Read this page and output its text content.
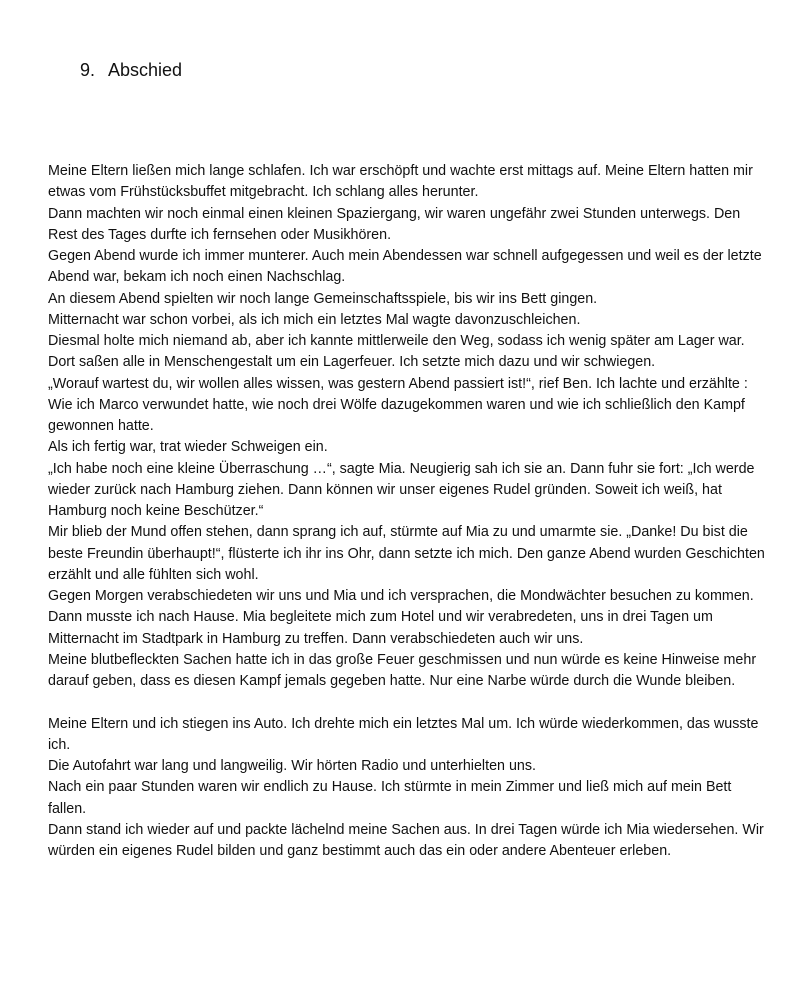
9. Abschied

Meine Eltern ließen mich lange schlafen. Ich war erschöpft und wachte erst mittags auf. Meine Eltern hatten mir etwas vom Frühstücksbuffet mitgebracht. Ich schlang alles herunter.

Dann machten wir noch einmal einen kleinen Spaziergang, wir waren ungefähr zwei Stunden unterwegs. Den Rest des Tages durfte ich fernsehen oder Musikhören.

Gegen Abend wurde ich immer munterer. Auch mein Abendessen war schnell aufgegessen und weil es der letzte Abend war, bekam ich noch einen Nachschlag.

An diesem Abend spielten wir noch lange Gemeinschaftsspiele, bis wir ins Bett gingen.

Mitternacht war schon vorbei, als ich mich ein letztes Mal wagte davonzuschleichen.

Diesmal holte mich niemand ab, aber ich kannte mittlerweile den Weg, sodass ich wenig später am Lager war.

Dort saßen alle in Menschengestalt um ein Lagerfeuer. Ich setzte mich dazu und wir schwiegen.

„Worauf wartest du, wir wollen alles wissen, was gestern Abend passiert ist!“, rief Ben. Ich lachte und erzählte : Wie ich Marco verwundet hatte, wie noch drei Wölfe dazugekommen waren und wie ich schließlich den Kampf gewonnen hatte.

Als ich fertig war, trat wieder Schweigen ein.

„Ich habe noch eine kleine Überraschung …“, sagte Mia. Neugierig sah ich sie an. Dann fuhr sie fort: „Ich werde wieder zurück nach Hamburg ziehen. Dann können wir unser eigenes Rudel gründen. Soweit ich weiß, hat Hamburg noch keine Beschützer.“

Mir blieb der Mund offen stehen, dann sprang ich auf, stürmte auf Mia zu und umarmte sie. „Danke! Du bist die beste Freundin überhaupt!“, flüsterte ich ihr ins Ohr, dann setzte ich mich. Den ganze Abend wurden Geschichten erzählt und alle fühlten sich wohl.

Gegen Morgen verabschiedeten wir uns und Mia und ich versprachen, die Mondwächter besuchen zu kommen.

Dann musste ich nach Hause. Mia begleitete mich zum Hotel und wir verabredeten, uns in drei Tagen um Mitternacht im Stadtpark in Hamburg zu treffen. Dann verabschiedeten auch wir uns.

Meine blutbefleckten Sachen hatte ich in das große Feuer geschmissen und nun würde es keine Hinweise mehr darauf geben, dass es diesen Kampf jemals gegeben hatte. Nur eine Narbe würde durch die Wunde bleiben.

Meine Eltern und ich stiegen ins Auto. Ich drehte mich ein letztes Mal um. Ich würde wiederkommen, das wusste ich.

Die Autofahrt war lang und langweilig. Wir hörten Radio und unterhielten uns.

Nach ein paar Stunden waren wir endlich zu Hause. Ich stürmte in mein Zimmer und ließ mich auf mein Bett fallen.

Dann stand ich wieder auf und packte lächelnd meine Sachen aus. In drei Tagen würde ich Mia wiedersehen. Wir würden ein eigenes Rudel bilden und ganz bestimmt auch das ein oder andere Abenteuer erleben.
